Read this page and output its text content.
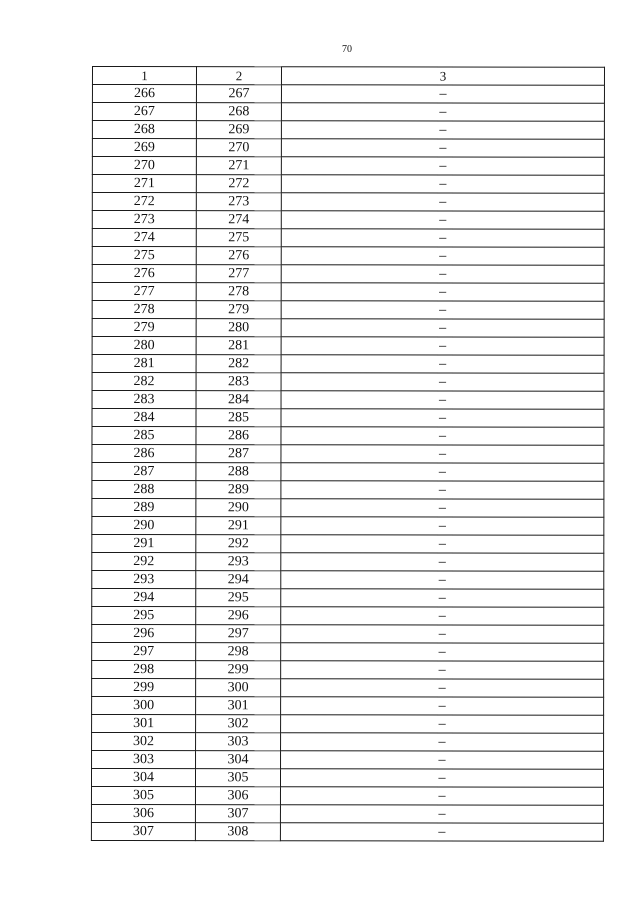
70
1	2	3
266	267	–
267	268	–
268	269	–
269	270	–
270	271	–
271	272	–
272	273	–
273	274	–
274	275	–
275	276	–
276	277	–
277	278	–
278	279	–
279	280	–
280	281	–
281	282	–
282	283	–
283	284	–
284	285	–
285	286	–
286	287	–
287	288	–
288	289	–
289	290	–
290	291	–
291	292	–
292	293	–
293	294	–
294	295	–
295	296	–
296	297	–
297	298	–
298	299	–
299	300	–
300	301	–
301	302	–
302	303	–
303	304	–
304	305	–
305	306	–
306	307	–
307	308	–
